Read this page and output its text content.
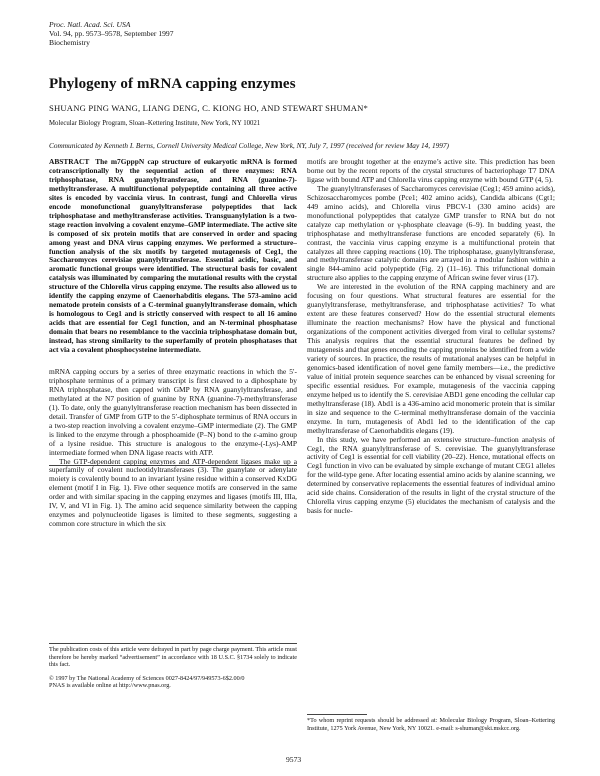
Proc. Natl. Acad. Sci. USA
Vol. 94, pp. 9573–9578, September 1997
Biochemistry
Phylogeny of mRNA capping enzymes
SHUANG PING WANG, LIANG DENG, C. KIONG HO, AND STEWART SHUMAN*
Molecular Biology Program, Sloan–Kettering Institute, New York, NY 10021
Communicated by Kenneth I. Berns, Cornell University Medical College, New York, NY, July 7, 1997 (received for review May 14, 1997)
ABSTRACT The m7GpppN cap structure of eukaryotic mRNA is formed cotranscriptionally by the sequential action of three enzymes: RNA triphosphatase, RNA guanylyltransferase, and RNA (guanine-7)-methyltransferase. A multifunctional polypeptide containing all three active sites is encoded by vaccinia virus. In contrast, fungi and Chlorella virus encode monofunctional guanylyltransferase polypeptides that lack triphosphatase and methyltransferase activities. Transguanylylation is a two-stage reaction involving a covalent enzyme–GMP intermediate. The active site is composed of six protein motifs that are conserved in order and spacing among yeast and DNA virus capping enzymes. We performed a structure–function analysis of the six motifs by targeted mutagenesis of Ceg1, the Saccharomyces cerevisiae guanylyltransferase. Essential acidic, basic, and aromatic functional groups were identified. The structural basis for covalent catalysis was illuminated by comparing the mutational results with the crystal structure of the Chlorella virus capping enzyme. The results also allowed us to identify the capping enzyme of Caenorhabditis elegans. The 573-amino acid nematode protein consists of a C-terminal guanylyltransferase domain, which is homologous to Ceg1 and is strictly conserved with respect to all 16 amino acids that are essential for Ceg1 function, and an N-terminal phosphatase domain that bears no resemblance to the vaccinia triphosphatase domain but, instead, has strong similarity to the superfamily of protein phosphatases that act via a covalent phosphocysteine intermediate.

mRNA capping occurs by a series of three enzymatic reactions in which the 5′-triphosphate terminus of a primary transcript is first cleaved to a diphosphate by RNA triphosphatase, then capped with GMP by RNA guanylyltransferase, and methylated at the N7 position of guanine by RNA (guanine-7)-methyltransferase (1). To date, only the guanylyltransferase reaction mechanism has been dissected in detail. Transfer of GMP from GTP to the 5′-diphosphate terminus of RNA occurs in a two-step reaction involving a covalent enzyme–GMP intermediate (2). The GMP is linked to the enzyme through a phosphoamide (P–N) bond to the ε-amino group of a lysine residue. This structure is analogous to the enzyme-(-Lys)-AMP intermediate formed when DNA ligase reacts with ATP.

The GTP-dependent capping enzymes and ATP-dependent ligases make up a superfamily of covalent nucleotidyltransferases (3). The guanylate or adenylate moiety is covalently bound to an invariant lysine residue within a conserved KxDG element (motif I in Fig. 1). Five other sequence motifs are conserved in the same order and with similar spacing in the capping enzymes and ligases (motifs III, IIIa, IV, V, and VI in Fig. 1). The amino acid sequence similarity between the capping enzymes and polynucleotide ligases is limited to these segments, suggesting a common core structure in which the six

The publication costs of this article were defrayed in part by page charge payment. This article must therefore be hereby marked “advertisement” in accordance with 18 U.S.C. §1734 solely to indicate this fact.
© 1997 by The National Academy of Sciences 0027-8424/97/949573-6$2.00/0
PNAS is available online at http://www.pnas.org.

motifs are brought together at the enzyme’s active site. This prediction has been borne out by the recent reports of the crystal structures of bacteriophage T7 DNA ligase with bound ATP and Chlorella virus capping enzyme with bound GTP (4, 5).

The guanylyltransferases of Saccharomyces cerevisiae (Ceg1; 459 amino acids), Schizosaccharomyces pombe (Pce1; 402 amino acids), Candida albicans (Cgt1; 449 amino acids), and Chlorella virus PBCV-1 (330 amino acids) are monofunctional polypeptides that catalyze GMP transfer to RNA but do not catalyze cap methylation or γ-phosphate cleavage (6–9). In budding yeast, the triphosphatase and methyltransferase functions are encoded separately (6). In contrast, the vaccinia virus capping enzyme is a multifunctional protein that catalyzes all three capping reactions (10). The triphosphatase, guanylyltransferase, and methyltransferase catalytic domains are arrayed in a modular fashion within a single 844-amino acid polypeptide (Fig. 2) (11–16). This trifunctional domain structure also applies to the capping enzyme of African swine fever virus (17).

We are interested in the evolution of the RNA capping machinery and are focusing on four questions. What structural features are essential for the guanylyltransferase, methyltransferase, and triphosphatase activities? To what extent are these features conserved? How do the essential structural elements illuminate the reaction mechanisms? How have the physical and functional organizations of the component activities diverged from viral to cellular systems? This analysis requires that the essential structural features be defined by mutagenesis and that genes encoding the capping proteins be identified from a wide variety of sources. In practice, the results of mutational analyses can be helpful in genomics-based identification of novel gene family members—i.e., the predictive value of initial protein sequence searches can be enhanced by visual screening for specific essential residues. For example, mutagenesis of the vaccinia capping enzyme helped us to identify the S. cerevisiae ABD1 gene encoding the cellular cap methyltransferase (18). Abd1 is a 436-amino acid monomeric protein that is similar in size and sequence to the C-terminal methyltransferase domain of the vaccinia enzyme. In turn, mutagenesis of Abd1 led to the identification of the cap methyltransferase of Caenorhabditis elegans (19).

In this study, we have performed an extensive structure–function analysis of Ceg1, the RNA guanylyltransferase of S. cerevisiae. The guanylyltransferase activity of Ceg1 is essential for cell viability (20–22). Hence, mutational effects on Ceg1 function in vivo can be evaluated by simple exchange of mutant CEG1 alleles for the wild-type gene. After locating essential amino acids by alanine scanning, we determined by conservative replacements the essential features of individual amino acid side chains. Consideration of the results in light of the crystal structure of the Chlorella virus capping enzyme (5) elucidates the mechanism of catalysis and the basis for nucle-

*To whom reprint requests should be addressed at: Molecular Biology Program, Sloan–Kettering Institute, 1275 York Avenue, New York, NY 10021. e-mail: s-shuman@ski.mskcc.org.
9573
